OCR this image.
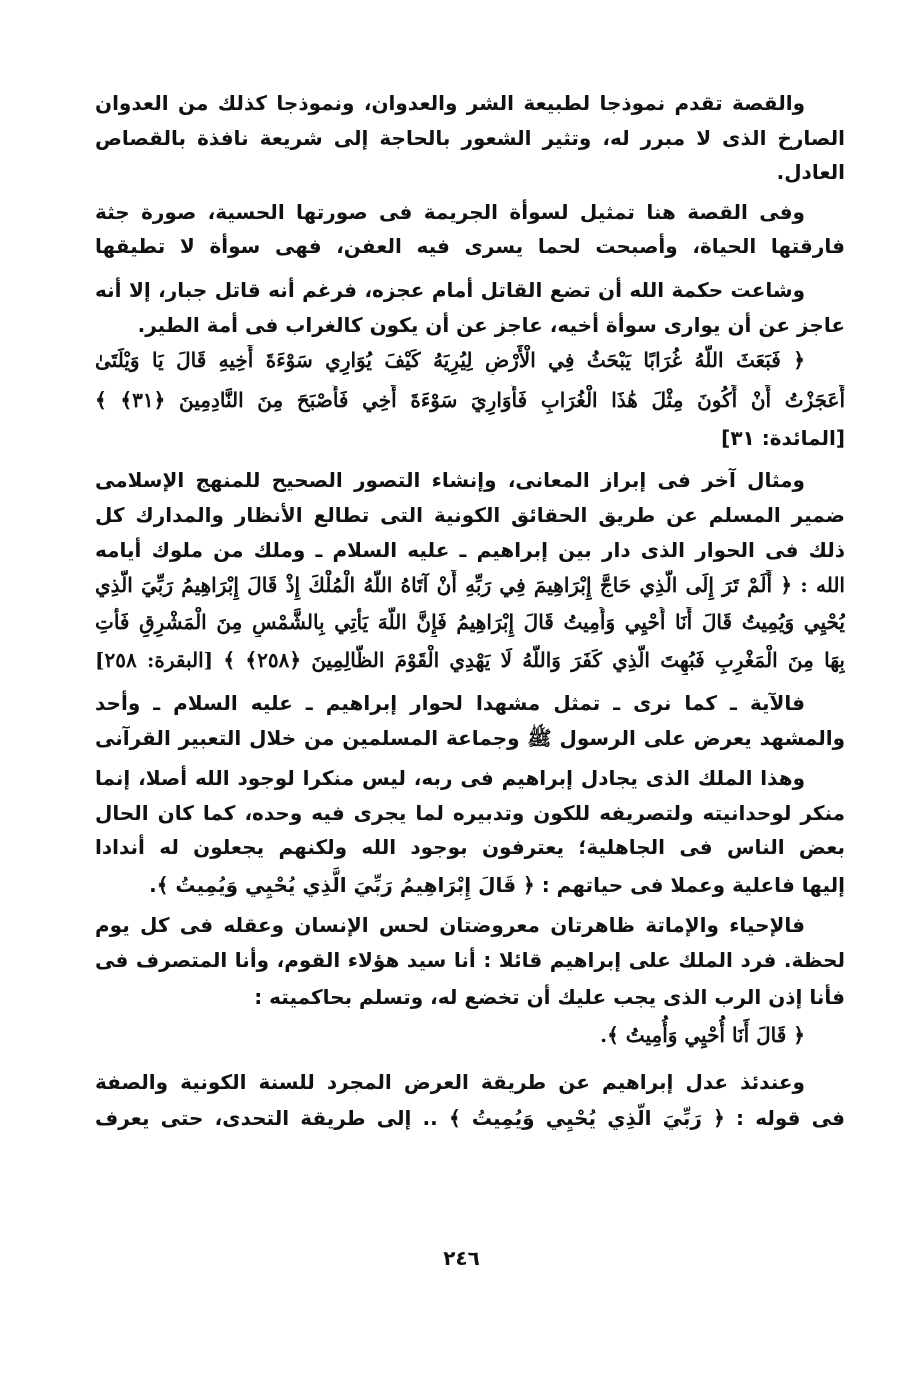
والقصة تقدم نموذجا لطبيعة الشر والعدوان، ونموذجا كذلك من العدوان
الصارخ الذى لا مبرر له، وتثير الشعور بالحاجة إلى شريعة نافذة بالقصاص
العادل.
وفى القصة هنا تمثيل لسوأة الجريمة فى صورتها الحسية، صورة جثة
فارقتها الحياة، وأصبحت لحما يسرى فيه العفن، فهى سوأة لا تطيقها
وشاعت حكمة الله أن تضع القاتل أمام عجزه، فرغم أنه قاتل جبار، إلا أنه
عاجز عن أن يوارى سوأة أخيه، عاجز عن أن يكون كالغراب فى أمة الطير.
﴿ فَبَعَثَ اللَّهُ غُرَابًا يَبْحَثُ فِي الْأَرْضِ لِيُرِيَهُ كَيْفَ يُوَارِي سَوْءَةَ أَخِيهِ قَالَ يَا وَيْلَتَىٰ
أَعَجَزْتُ أَنْ أَكُونَ مِثْلَ هَٰذَا الْغُرَابِ فَأُوَارِيَ سَوْءَةَ أَخِي فَأَصْبَحَ مِنَ النَّادِمِينَ ﴿٣١﴾ ﴾
[المائدة: ٣١]
ومثال آخر فى إبراز المعانى، وإنشاء التصور الصحيح للمنهج الإسلامى
ضمير المسلم عن طريق الحقائق الكونية التى تطالع الأنظار والمدارك كل
ذلك فى الحوار الذى دار بين إبراهيم ـ عليه السلام ـ وملك من ملوك أيامه
الله : ﴿ أَلَمْ تَرَ إِلَى الَّذِي حَاجَّ إِبْرَاهِيمَ فِي رَبِّهِ أَنْ آتَاهُ اللَّهُ الْمُلْكَ إِذْ قَالَ إِبْرَاهِيمُ رَبِّيَ الَّذِي
يُحْيِي وَيُمِيتُ قَالَ أَنَا أُحْيِي وَأُمِيتُ قَالَ إِبْرَاهِيمُ فَإِنَّ اللَّهَ يَأْتِي بِالشَّمْسِ مِنَ الْمَشْرِقِ فَأْتِ
بِهَا مِنَ الْمَغْرِبِ فَبُهِتَ الَّذِي كَفَرَ وَاللَّهُ لَا يَهْدِي الْقَوْمَ الظَّالِمِينَ ﴿٢٥٨﴾ ﴾ [البقرة: ٢٥٨]
فالآية ـ كما نرى ـ تمثل مشهدا لحوار إبراهيم ـ عليه السلام ـ وأحد
والمشهد يعرض على الرسول ﷺ وجماعة المسلمين من خلال التعبير القرآنى
وهذا الملك الذى يجادل إبراهيم فى ربه، ليس منكرا لوجود الله أصلا، إنما
منكر لوحدانيته ولتصريفه للكون وتدبيره لما يجرى فيه وحده، كما كان الحال
بعض الناس فى الجاهلية؛ يعترفون بوجود الله ولكنهم يجعلون له أندادا
إليها فاعلية وعملا فى حياتهم : ﴿ قَالَ إِبْرَاهِيمُ رَبِّيَ الَّذِي يُحْيِي وَيُمِيتُ ﴾.
فالإحياء والإماتة ظاهرتان معروضتان لحس الإنسان وعقله فى كل يوم
لحظة. فرد الملك على إبراهيم قائلا : أنا سيد هؤلاء القوم، وأنا المتصرف فى
فأنا إذن الرب الذى يجب عليك أن تخضع له، وتسلم بحاكميته :
﴿ قَالَ أَنَا أُحْيِي وَأُمِيتُ ﴾.
وعندئذ عدل إبراهيم عن طريقة العرض المجرد للسنة الكونية والصفة
فى قوله : ﴿ رَبِّيَ الَّذِي يُحْيِي وَيُمِيتُ ﴾ .. إلى طريقة التحدى، حتى يعرف
٢٤٦
